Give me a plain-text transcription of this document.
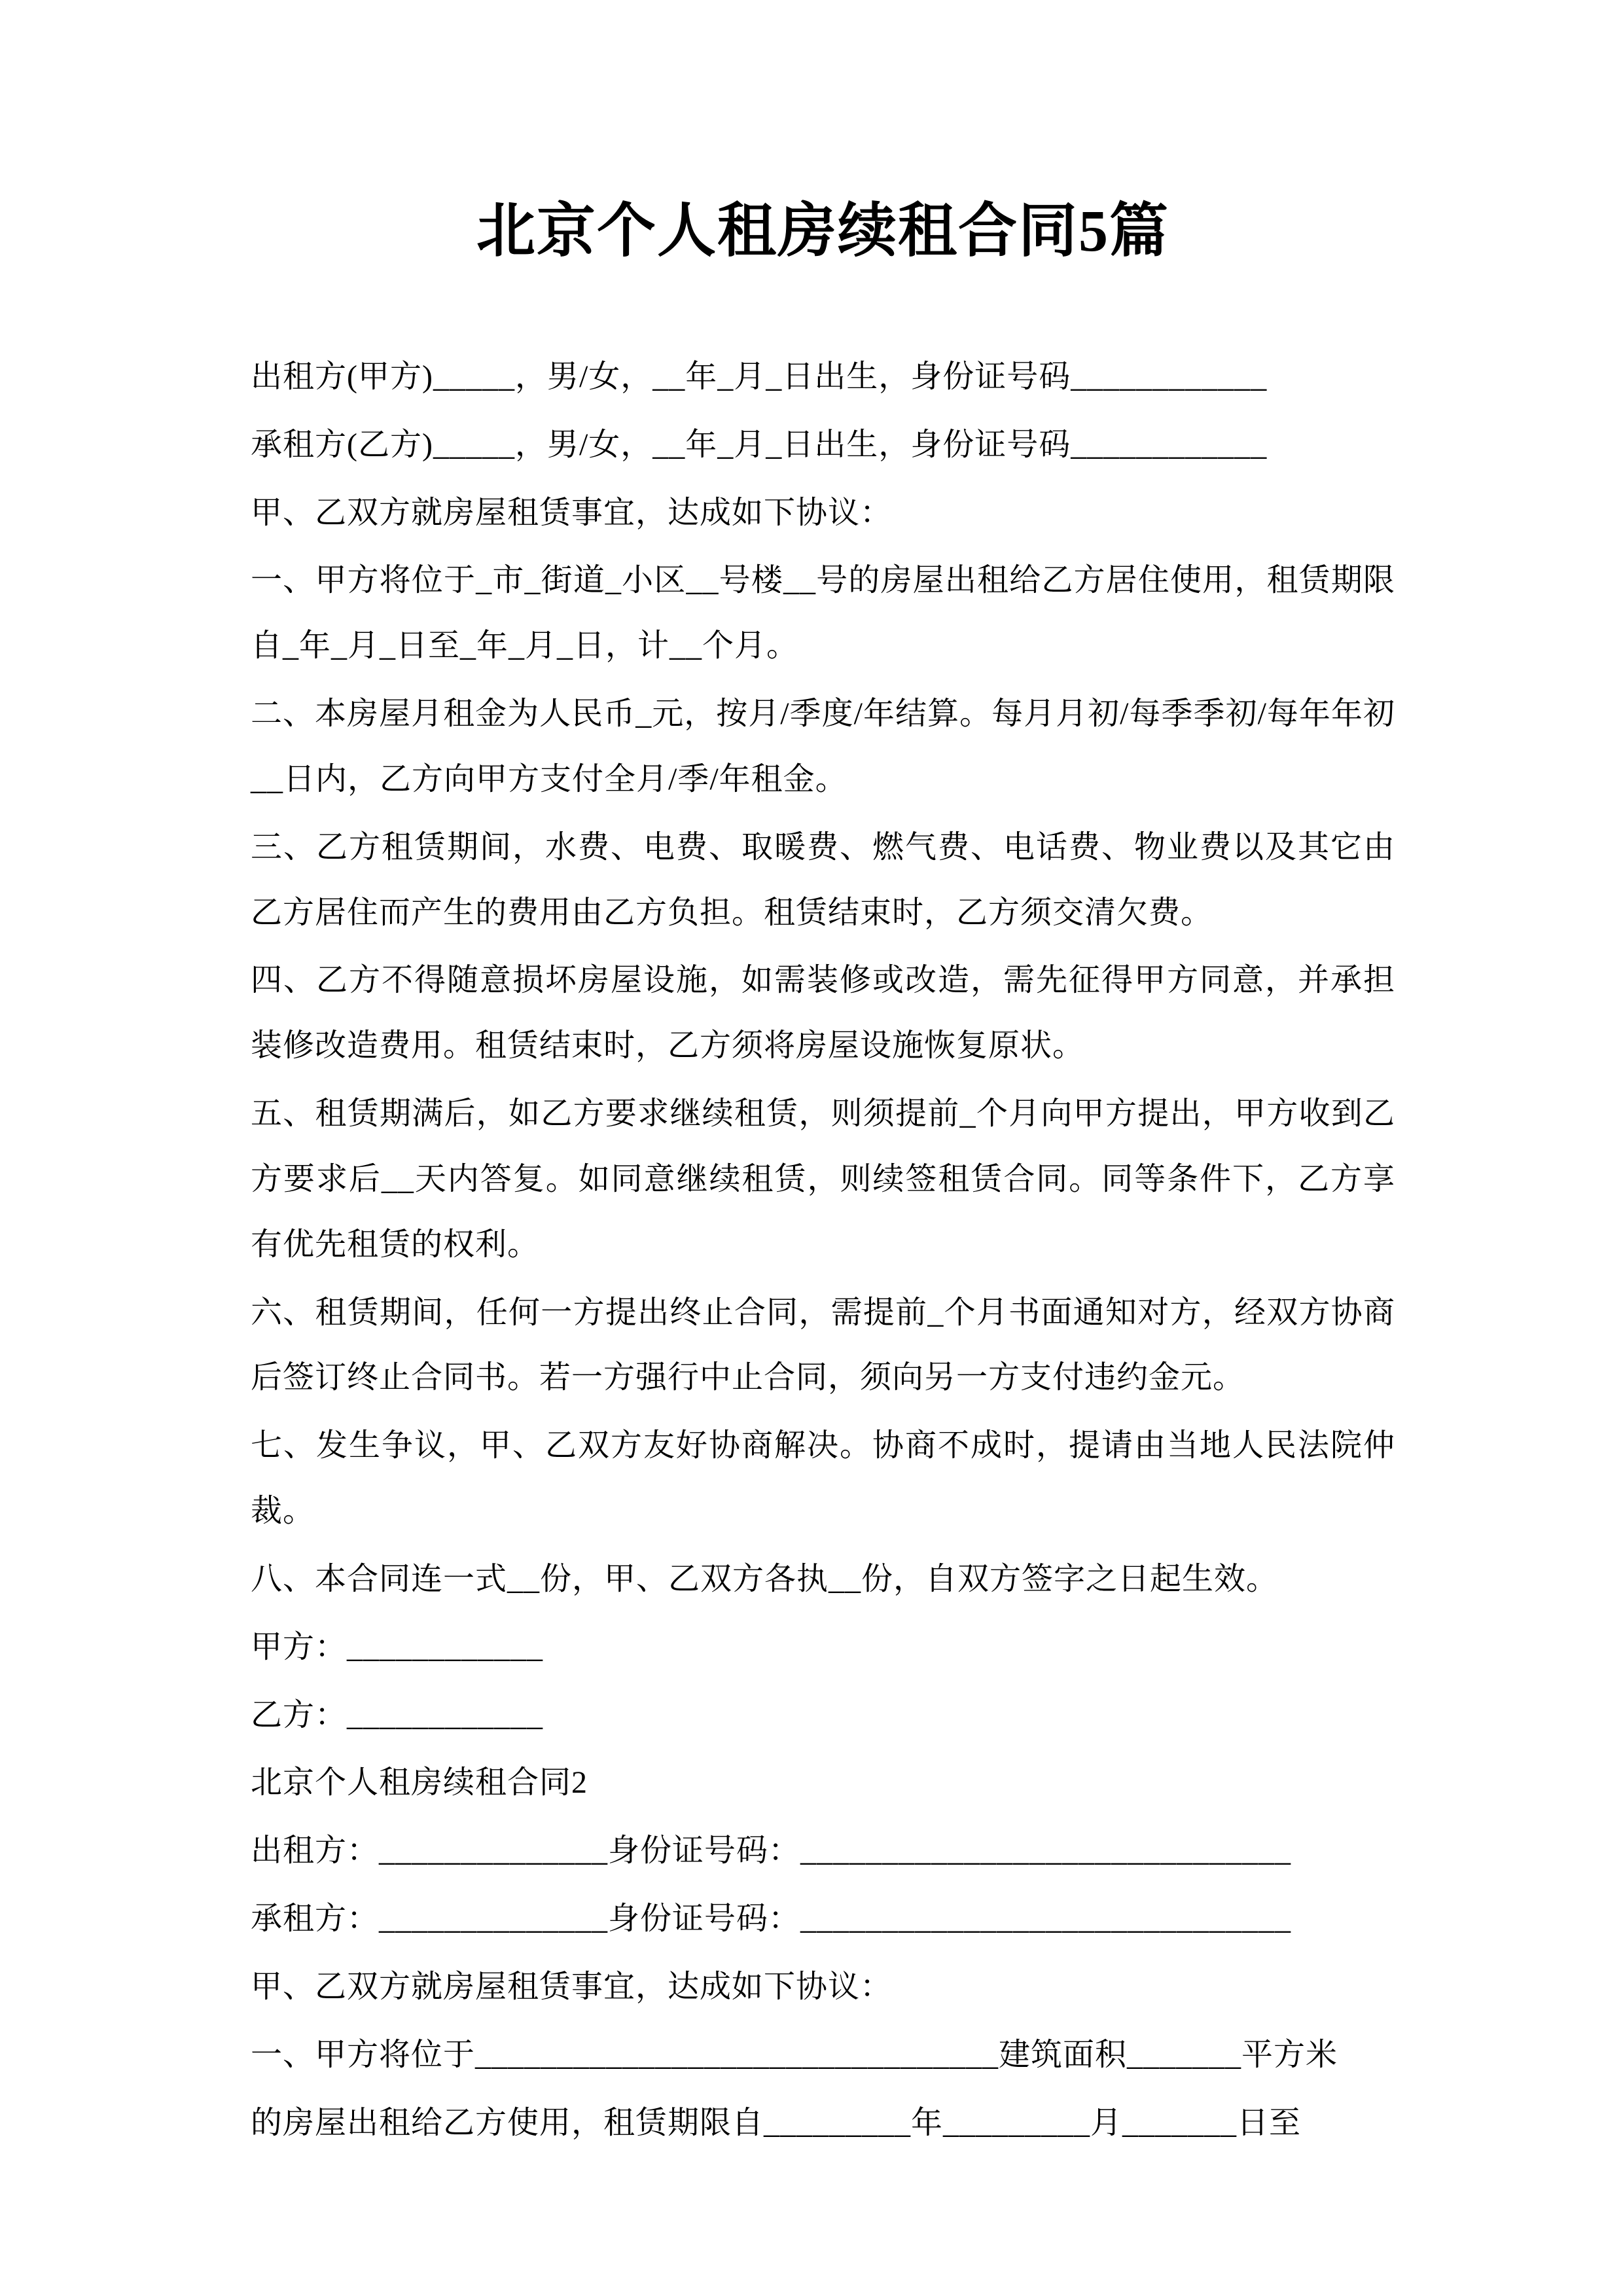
北京个人租房续租合同5篇

出租方(甲方)_____，男/女，__年_月_日出生，身份证号码____________

承租方(乙方)_____，男/女，__年_月_日出生，身份证号码____________

甲、乙双方就房屋租赁事宜，达成如下协议：

一、甲方将位于_市_街道_小区__号楼__号的房屋出租给乙方居住使用，租赁期限自_年_月_日至_年_月_日，计__个月。

二、本房屋月租金为人民币_元，按月/季度/年结算。每月月初/每季季初/每年年初__日内，乙方向甲方支付全月/季/年租金。

三、乙方租赁期间，水费、电费、取暖费、燃气费、电话费、物业费以及其它由乙方居住而产生的费用由乙方负担。租赁结束时，乙方须交清欠费。

四、乙方不得随意损坏房屋设施，如需装修或改造，需先征得甲方同意，并承担装修改造费用。租赁结束时，乙方须将房屋设施恢复原状。

五、租赁期满后，如乙方要求继续租赁，则须提前_个月向甲方提出，甲方收到乙方要求后__天内答复。如同意继续租赁，则续签租赁合同。同等条件下，乙方享有优先租赁的权利。

六、租赁期间，任何一方提出终止合同，需提前_个月书面通知对方，经双方协商后签订终止合同书。若一方强行中止合同，须向另一方支付违约金元。

七、发生争议，甲、乙双方友好协商解决。协商不成时，提请由当地人民法院仲裁。

八、本合同连一式__份，甲、乙双方各执__份，自双方签字之日起生效。

甲方：____________

乙方：____________

北京个人租房续租合同2

出租方：______________身份证号码：______________________________

承租方：______________身份证号码：______________________________

甲、乙双方就房屋租赁事宜，达成如下协议：

一、甲方将位于________________________________建筑面积_______平方米

的房屋出租给乙方使用，租赁期限自_________年_________月_______日至
